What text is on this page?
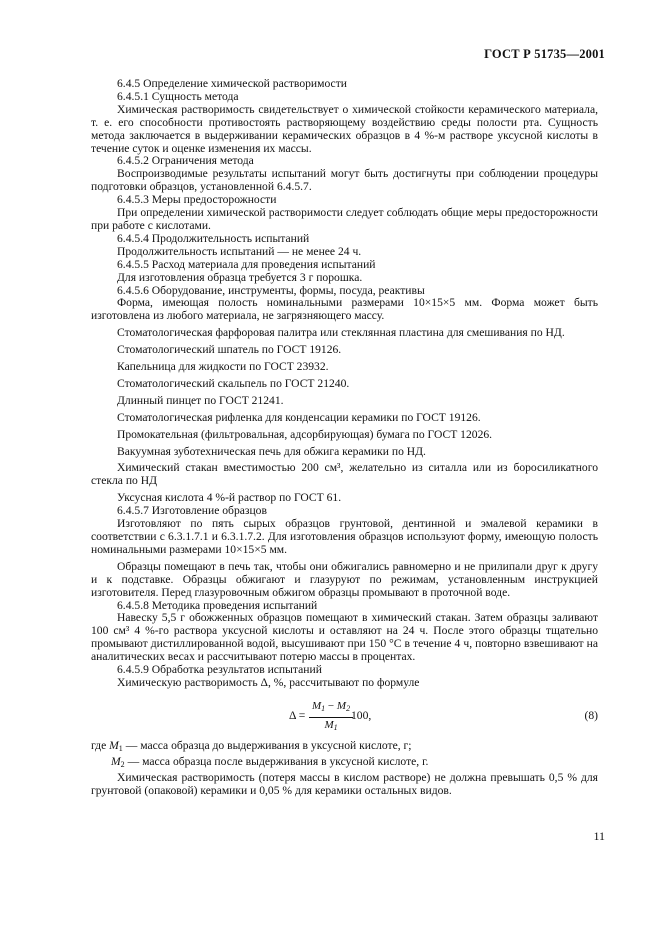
ГОСТ Р 51735—2001

6.4.5 Определение химической растворимости

6.4.5.1 Сущность метода

Химическая растворимость свидетельствует о химической стойкости керамического материала, т. е. его способности противостоять растворяющему воздействию среды полости рта. Сущность метода заключается в выдерживании керамических образцов в 4 %-м растворе уксусной кислоты в течение суток и оценке изменения их массы.

6.4.5.2 Ограничения метода

Воспроизводимые результаты испытаний могут быть достигнуты при соблюдении процедуры подготовки образцов, установленной 6.4.5.7.

6.4.5.3 Меры предосторожности

При определении химической растворимости следует соблюдать общие меры предосторожности при работе с кислотами.

6.4.5.4 Продолжительность испытаний

Продолжительность испытаний — не менее 24 ч.

6.4.5.5 Расход материала для проведения испытаний

Для изготовления образца требуется 3 г порошка.

6.4.5.6 Оборудование, инструменты, формы, посуда, реактивы

Форма, имеющая полость номинальными размерами 10×15×5 мм. Форма может быть изготовлена из любого материала, не загрязняющего массу.

Стоматологическая фарфоровая палитра или стеклянная пластина для смешивания по НД.

Стоматологический шпатель по ГОСТ 19126.

Капельница для жидкости по ГОСТ 23932.

Стоматологический скальпель по ГОСТ 21240.

Длинный пинцет по ГОСТ 21241.

Стоматологическая рифленка для конденсации керамики по ГОСТ 19126.

Промокательная (фильтровальная, адсорбирующая) бумага по ГОСТ 12026.

Вакуумная зуботехническая печь для обжига керамики по НД.

Химический стакан вместимостью 200 см³, желательно из ситалла или из боросиликатного стекла по НД

Уксусная кислота 4 %-й раствор по ГОСТ 61.

6.4.5.7 Изготовление образцов

Изготовляют по пять сырых образцов грунтовой, дентинной и эмалевой керамики в соответствии с 6.3.1.7.1 и 6.3.1.7.2. Для изготовления образцов используют форму, имеющую полость номинальными размерами 10×15×5 мм.

Образцы помещают в печь так, чтобы они обжигались равномерно и не прилипали друг к другу и к подставке. Образцы обжигают и глазуруют по режимам, установленным инструкцией изготовителя. Перед глазуровочным обжигом образцы промывают в проточной воде.

6.4.5.8 Методика проведения испытаний

Навеску 5,5 г обожженных образцов помещают в химический стакан. Затем образцы заливают 100 см³ 4 %-го раствора уксусной кислоты и оставляют на 24 ч. После этого образцы тщательно промывают дистиллированной водой, высушивают при 150 °С в течение 4 ч, повторно взвешивают на аналитических весах и рассчитывают потерю массы в процентах.

6.4.5.9 Обработка результатов испытаний

Химическую растворимость Δ, %, рассчитывают по формуле

$\Delta = \frac{M_1 - M_2}{M_1}$
100,	(8)

где $M_1$ — масса образца до выдерживания в уксусной кислоте, г;

$M_2$ — масса образца после выдерживания в уксусной кислоте, г.

Химическая растворимость (потеря массы в кислом растворе) не должна превышать 0,5 % для грунтовой (опаковой) керамики и 0,05 % для керамики остальных видов.

11
